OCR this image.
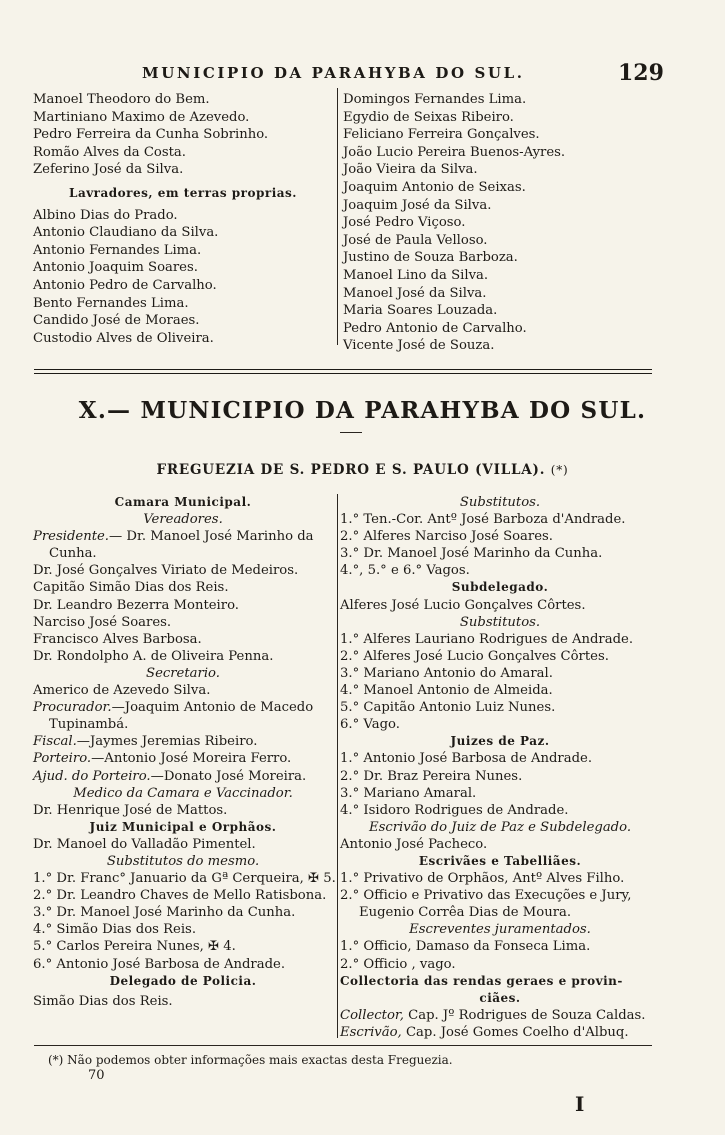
MUNICIPIO DA PARAHYBA DO SUL.	129
Manoel Theodoro do Bem.
Martiniano Maximo de Azevedo.
Pedro Ferreira da Cunha Sobrinho.
Romão Alves da Costa.
Zeferino José da Silva.
Lavradores, em terras proprias.
Albino Dias do Prado.
Antonio Claudiano da Silva.
Antonio Fernandes Lima.
Antonio Joaquim Soares.
Antonio Pedro de Carvalho.
Bento Fernandes Lima.
Candido José de Moraes.
Custodio Alves de Oliveira.
Domingos Fernandes Lima.
Egydio de Seixas Ribeiro.
Feliciano Ferreira Gonçalves.
João Lucio Pereira Buenos-Ayres.
João Vieira da Silva.
Joaquim Antonio de Seixas.
Joaquim José da Silva.
José Pedro Viçoso.
José de Paula Velloso.
Justino de Souza Barboza.
Manoel Lino da Silva.
Manoel José da Silva.
Maria Soares Louzada.
Pedro Antonio de Carvalho.
Vicente José de Souza.
X.— MUNICIPIO DA PARAHYBA DO SUL.
FREGUEZIA DE S. PEDRO E S. PAULO (VILLA). (*)
Camara Municipal.
Vereadores.
Presidente.— Dr. Manoel José Marinho da
Cunha.
Dr. José Gonçalves Viriato de Medeiros.
Capitão Simão Dias dos Reis.
Dr. Leandro Bezerra Monteiro.
Narciso José Soares.
Francisco Alves Barbosa.
Dr. Rondolpho A. de Oliveira Penna.
Secretario.
Americo de Azevedo Silva.
Procurador.—Joaquim Antonio de Macedo
Tupinambá.
Fiscal.—Jaymes Jeremias Ribeiro.
Porteiro.—Antonio José Moreira Ferro.
Ajud. do Porteiro.—Donato José Moreira.
Medico da Camara e Vaccinador.
Dr. Henrique José de Mattos.
Juiz Municipal e Orphãos.
Dr. Manoel do Valladão Pimentel.
Substitutos do mesmo.
1.° Dr. Franc° Januario da Gª Cerqueira, ✠ 5.
2.° Dr. Leandro Chaves de Mello Ratisbona.
3.° Dr. Manoel José Marinho da Cunha.
4.° Simão Dias dos Reis.
5.° Carlos Pereira Nunes, ✠ 4.
6.° Antonio José Barbosa de Andrade.
Delegado de Policia.
Simão Dias dos Reis.
Substitutos.
1.° Ten.-Cor. Antº José Barboza d'Andrade.
2.° Alferes Narciso José Soares.
3.° Dr. Manoel José Marinho da Cunha.
4.°, 5.° e 6.° Vagos.
Subdelegado.
Alferes José Lucio Gonçalves Côrtes.
Substitutos.
1.° Alferes Lauriano Rodrigues de Andrade.
2.° Alferes José Lucio Gonçalves Côrtes.
3.° Mariano Antonio do Amaral.
4.° Manoel Antonio de Almeida.
5.° Capitão Antonio Luiz Nunes.
6.° Vago.
Juizes de Paz.
1.° Antonio José Barbosa de Andrade.
2.° Dr. Braz Pereira Nunes.
3.° Mariano Amaral.
4.° Isidoro Rodrigues de Andrade.
Escrivão do Juiz de Paz e Subdelegado.
Antonio José Pacheco.
Escrivães e Tabelliães.
1.° Privativo de Orphãos, Antº Alves Filho.
2.° Officio e Privativo das Execuções e Jury,
Eugenio Corrêa Dias de Moura.
Escreventes juramentados.
1.° Officio, Damaso da Fonseca Lima.
2.° Officio , vago.
Collectoria das rendas geraes e provin-
ciães.
Collector, Cap. Jº Rodrigues de Souza Caldas.
Escrivão, Cap. José Gomes Coelho d'Albuq.
(*) Não podemos obter informações mais exactas desta Freguezia.
70
I
